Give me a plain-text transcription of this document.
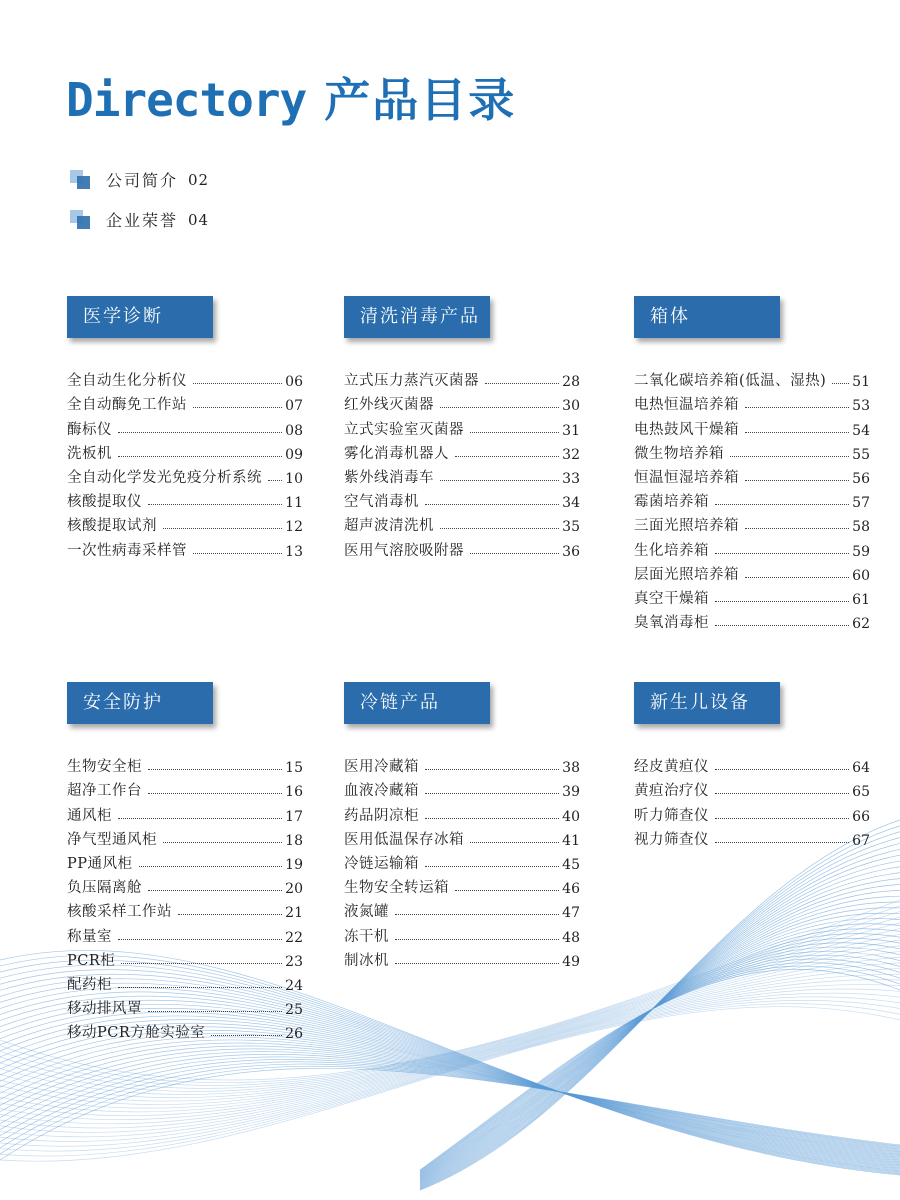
Directory 产品目录
公司简介 02
企业荣誉 04
医学诊断
全自动生化分析仪	06
全自动酶免工作站	07
酶标仪	08
洗板机	09
全自动化学发光免疫分析系统 10
核酸提取仪	11
核酸提取试剂	12
一次性病毒采样管	13
清洗消毒产品
立式压力蒸汽灭菌器	28
红外线灭菌器	30
立式实验室灭菌器	31
雾化消毒机器人	32
紫外线消毒车	33
空气消毒机	34
超声波清洗机	35
医用气溶胶吸附器	36
箱体
二氧化碳培养箱(低温、湿热) 51
电热恒温培养箱	53
电热鼓风干燥箱	54
微生物培养箱	55
恒温恒湿培养箱	56
霉菌培养箱	57
三面光照培养箱	58
生化培养箱	59
层面光照培养箱	60
真空干燥箱	61
臭氧消毒柜	62
安全防护
生物安全柜	15
超净工作台	16
通风柜	17
净气型通风柜	18
PP通风柜	19
负压隔离舱	20
核酸采样工作站	21
称量室	22
PCR柜	23
配药柜	24
移动排风罩	25
移动PCR方舱实验室	26
冷链产品
医用冷藏箱	38
血液冷藏箱	39
药品阴凉柜	40
医用低温保存冰箱	41
冷链运输箱	45
生物安全转运箱	46
液氮罐	47
冻干机	48
制冰机	49
新生儿设备
经皮黄疸仪	64
黄疸治疗仪	65
听力筛查仪	66
视力筛查仪	67
